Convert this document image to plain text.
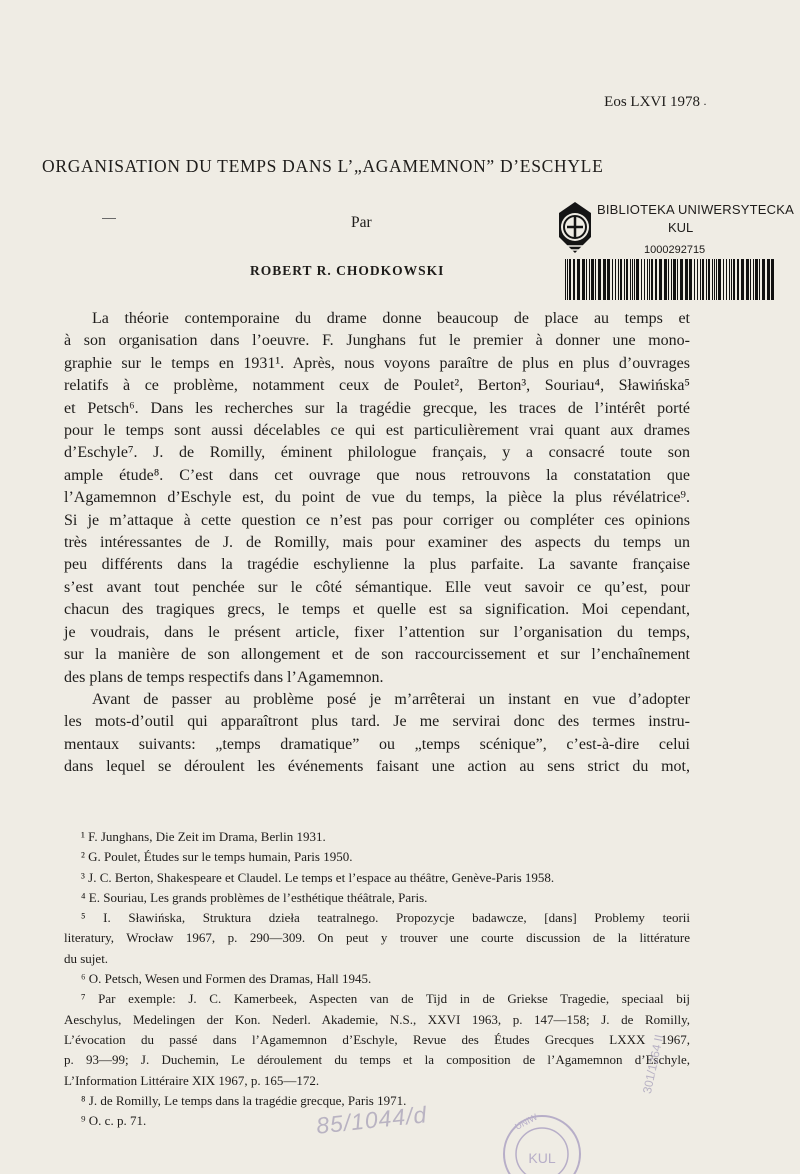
Eos LXVI 1978 ·
ORGANISATION DU TEMPS DANS L’„AGAMEMNON” D’ESCHYLE
Par
ROBERT R. CHODKOWSKI
BIBLIOTEKA UNIWERSYTECKA
KUL
1000292715
La théorie contemporaine du drame donne beaucoup de place au temps et
à son organisation dans l’oeuvre. F. Junghans fut le premier à donner une mono-
graphie sur le temps en 1931¹. Après, nous voyons paraître de plus en plus d’ouvrages
relatifs à ce problème, notamment ceux de Poulet², Berton³, Souriau⁴, Sławińska⁵
et Petsch⁶. Dans les recherches sur la tragédie grecque, les traces de l’intérêt porté
pour le temps sont aussi décelables ce qui est particulièrement vrai quant aux drames
d’Eschyle⁷. J. de Romilly, éminent philologue français, y a consacré toute son
ample étude⁸. C’est dans cet ouvrage que nous retrouvons la constatation que
l’Agamemnon d’Eschyle est, du point de vue du temps, la pièce la plus révélatrice⁹.
Si je m’attaque à cette question ce n’est pas pour corriger ou compléter ces opinions
très intéressantes de J. de Romilly, mais pour examiner des aspects du temps un
peu différents dans la tragédie eschylienne la plus parfaite. La savante française
s’est avant tout penchée sur le côté sémantique. Elle veut savoir ce qu’est, pour
chacun des tragiques grecs, le temps et quelle est sa signification. Moi cependant,
je voudrais, dans le présent article, fixer l’attention sur l’organisation du temps,
sur la manière de son allongement et de son raccourcissement et sur l’enchaînement
des plans de temps respectifs dans l’Agamemnon.
Avant de passer au problème posé je m’arrêterai un instant en vue d’adopter
les mots-d’outil qui apparaîtront plus tard. Je me servirai donc des termes instru-
mentaux suivants: „temps dramatique” ou „temps scénique”, c’est-à-dire celui
dans lequel se déroulent les événements faisant une action au sens strict du mot,
¹ F. Junghans, Die Zeit im Drama, Berlin 1931.
² G. Poulet, Études sur le temps humain, Paris 1950.
³ J. C. Berton, Shakespeare et Claudel. Le temps et l’espace au théâtre, Genève-Paris 1958.
⁴ E. Souriau, Les grands problèmes de l’esthétique théâtrale, Paris.
⁵ I. Sławińska, Struktura dzieła teatralnego. Propozycje badawcze, [dans] Problemy teorii
literatury, Wrocław 1967, p. 290—309. On peut y trouver une courte discussion de la littérature
du sujet.
⁶ O. Petsch, Wesen und Formen des Dramas, Hall 1945.
⁷ Par exemple: J. C. Kamerbeek, Aspecten van de Tijd in de Griekse Tragedie, speciaal bij
Aeschylus, Medelingen der Kon. Nederl. Akademie, N.S., XXVI 1963, p. 147—158; J. de Romilly,
L’évocation du passé dans l’Agamemnon d’Eschyle, Revue des Études Grecques LXXX 1967,
p. 93—99; J. Duchemin, Le déroulement du temps et la composition de l’Agamemnon d’Eschyle,
L’Information Littéraire XIX 1967, p. 165—172.
⁸ J. de Romilly, Le temps dans la tragédie grecque, Paris 1971.
⁹ O. c. p. 71.
301/1264 II
85/1044/d
KUL
UNIW
